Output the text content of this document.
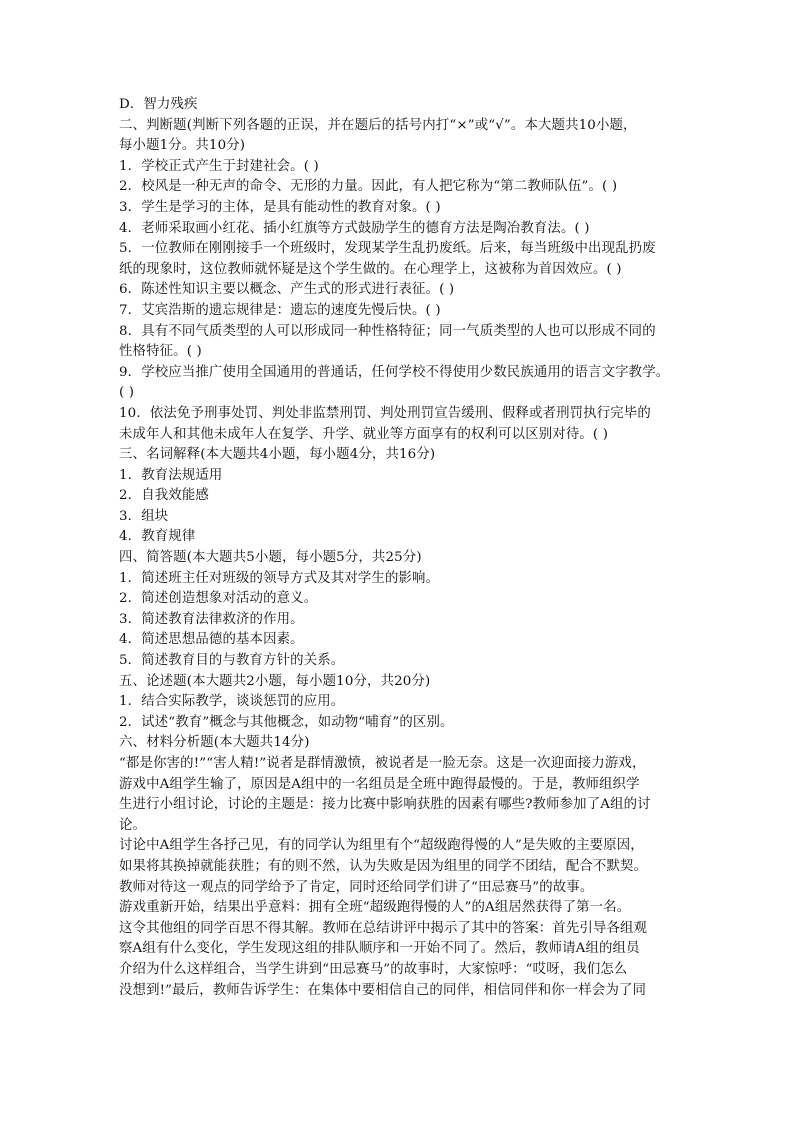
D．智力残疾
二、判断题(判断下列各题的正误，并在题后的括号内打“×”或“√”。本大题共10小题，
每小题1分。共10分)
1．学校正式产生于封建社会。( )
2．校风是一种无声的命令、无形的力量。因此，有人把它称为“第二教师队伍”。( )
3．学生是学习的主体，是具有能动性的教育对象。( )
4．老师采取画小红花、插小红旗等方式鼓励学生的德育方法是陶冶教育法。( )
5．一位教师在刚刚接手一个班级时，发现某学生乱扔废纸。后来，每当班级中出现乱扔废
纸的现象时，这位教师就怀疑是这个学生做的。在心理学上，这被称为首因效应。( )
6．陈述性知识主要以概念、产生式的形式进行表征。( )
7．艾宾浩斯的遗忘规律是：遗忘的速度先慢后快。( )
8．具有不同气质类型的人可以形成同一种性格特征；同一气质类型的人也可以形成不同的
性格特征。( )
9．学校应当推广使用全国通用的普通话，任何学校不得使用少数民族通用的语言文字教学。
( )
10．依法免予刑事处罚、判处非监禁刑罚、判处刑罚宣告缓刑、假释或者刑罚执行完毕的
未成年人和其他未成年人在复学、升学、就业等方面享有的权利可以区别对待。( )
三、名词解释(本大题共4小题，每小题4分，共16分)
1．教育法规适用
2．自我效能感
3．组块
4．教育规律
四、简答题(本大题共5小题，每小题5分，共25分)
1．简述班主任对班级的领导方式及其对学生的影响。
2．简述创造想象对活动的意义。
3．简述教育法律救济的作用。
4．简述思想品德的基本因素。
5．简述教育目的与教育方针的关系。
五、论述题(本大题共2小题，每小题10分，共20分)
1．结合实际教学，谈谈惩罚的应用。
2．试述“教育”概念与其他概念，如动物“哺育”的区别。
六、材料分析题(本大题共14分)
“都是你害的!”“害人精!”说者是群情激愤，被说者是一脸无奈。这是一次迎面接力游戏，
游戏中A组学生输了，原因是A组中的一名组员是全班中跑得最慢的。于是，教师组织学
生进行小组讨论，讨论的主题是：接力比赛中影响获胜的因素有哪些?教师参加了A组的讨
论。
讨论中A组学生各抒己见，有的同学认为组里有个“超级跑得慢的人”是失败的主要原因，
如果将其换掉就能获胜；有的则不然，认为失败是因为组里的同学不团结，配合不默契。
教师对待这一观点的同学给予了肯定，同时还给同学们讲了“田忌赛马”的故事。
游戏重新开始，结果出乎意料：拥有全班“超级跑得慢的人”的A组居然获得了第一名。
这令其他组的同学百思不得其解。教师在总结讲评中揭示了其中的答案：首先引导各组观
察A组有什么变化，学生发现这组的排队顺序和一开始不同了。然后，教师请A组的组员
介绍为什么这样组合，当学生讲到“田忌赛马”的故事时，大家惊呼：“哎呀，我们怎么
没想到!”最后，教师告诉学生：在集体中要相信自己的同伴，相信同伴和你一样会为了同
